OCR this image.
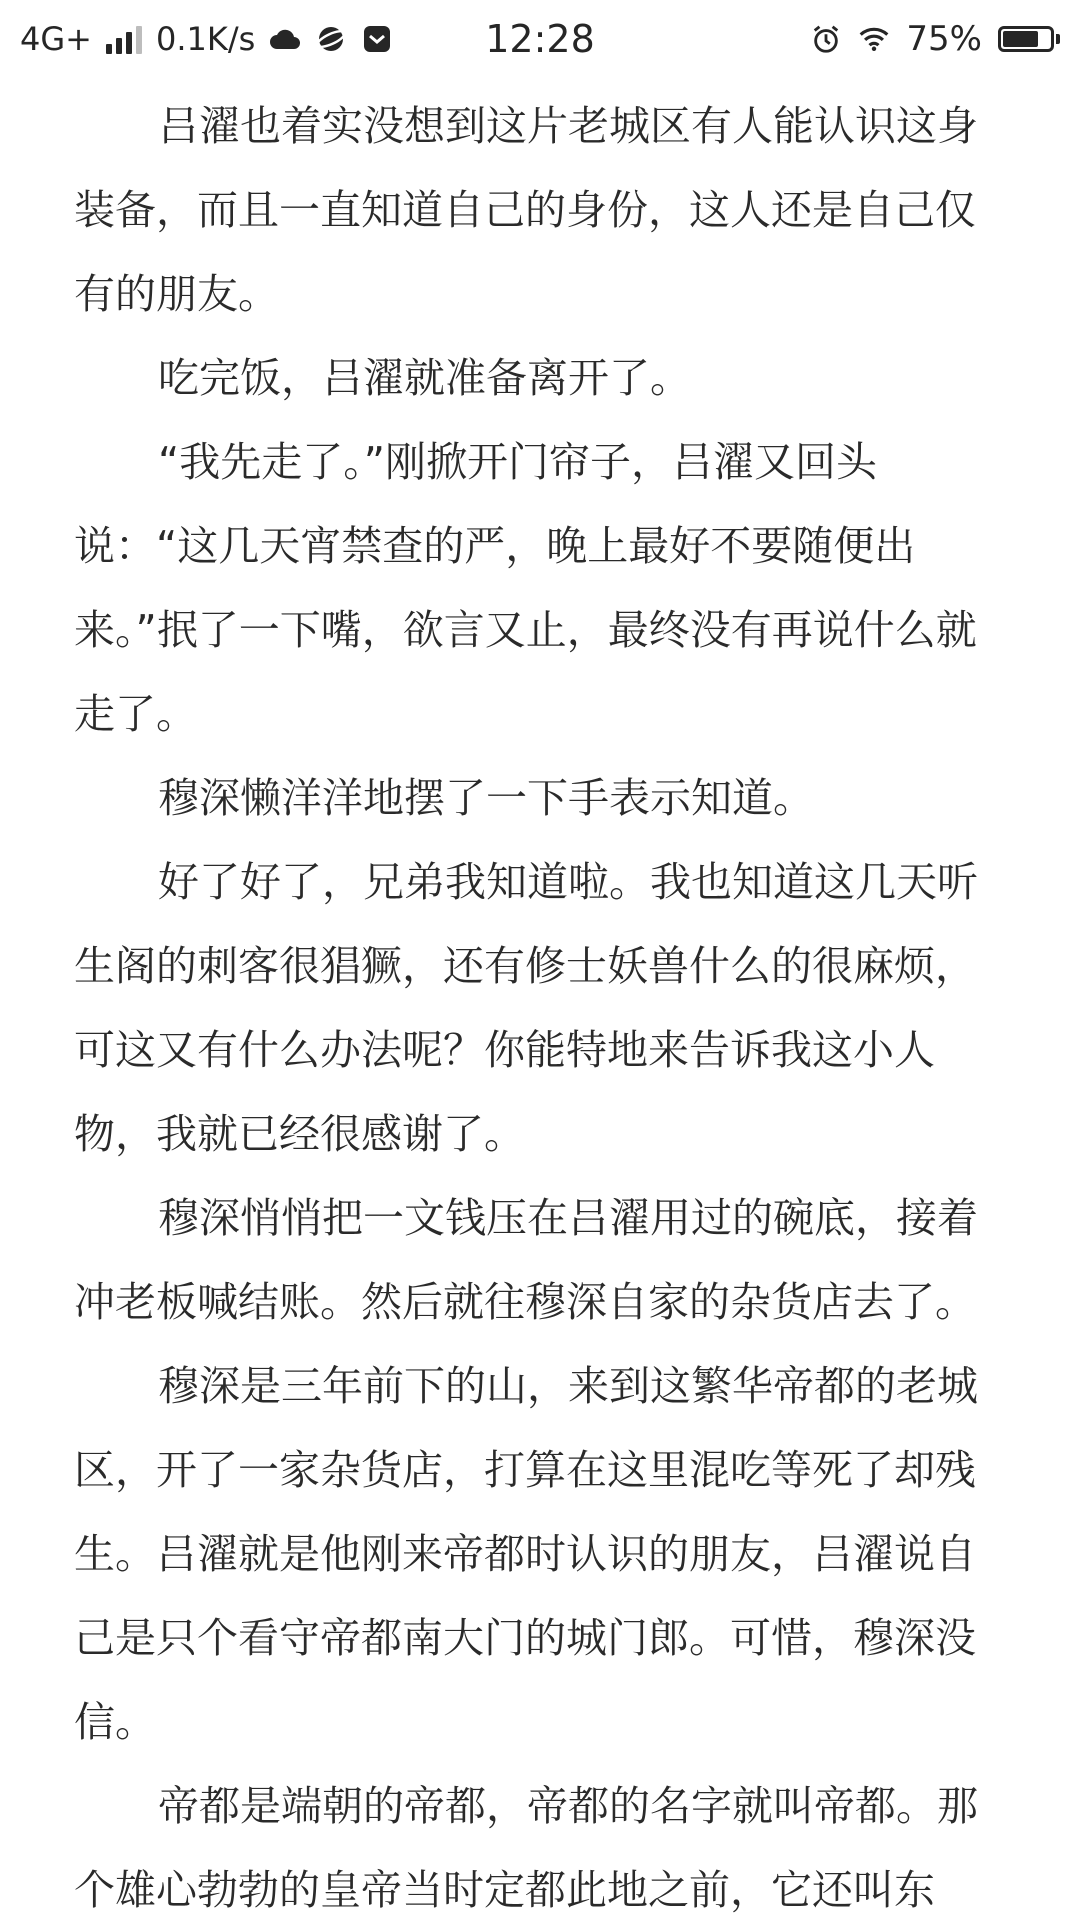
4G+ 0.1K/s	12:28	75%

吕濯也着实没想到这片老城区有人能认识这身装备，而且一直知道自己的身份，这人还是自己仅有的朋友。

吃完饭，吕濯就准备离开了。

“我先走了。”刚掀开门帘子，吕濯又回头说：“这几天宵禁查的严，晚上最好不要随便出来。”抿了一下嘴，欲言又止，最终没有再说什么就走了。

穆深懒洋洋地摆了一下手表示知道。

好了好了，兄弟我知道啦。我也知道这几天听生阁的刺客很猖獗，还有修士妖兽什么的很麻烦，可这又有什么办法呢？你能特地来告诉我这小人物，我就已经很感谢了。

穆深悄悄把一文钱压在吕濯用过的碗底，接着冲老板喊结账。然后就往穆深自家的杂货店去了。

穆深是三年前下的山，来到这繁华帝都的老城区，开了一家杂货店，打算在这里混吃等死了却残生。吕濯就是他刚来帝都时认识的朋友，吕濯说自己是只个看守帝都南大门的城门郎。可惜，穆深没信。

帝都是端朝的帝都，帝都的名字就叫帝都。那个雄心勃勃的皇帝当时定都此地之前，它还叫东
